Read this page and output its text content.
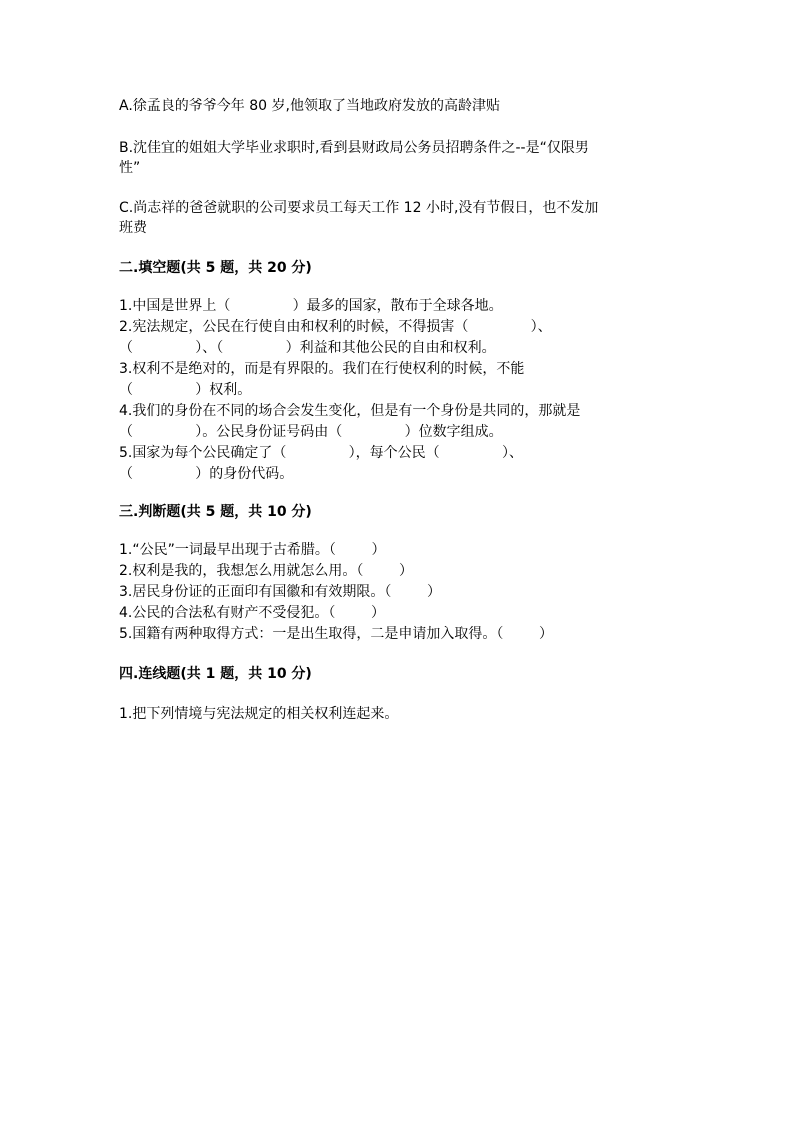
A.徐孟良的爷爷今年 80 岁,他领取了当地政府发放的高龄津贴

B.沈佳宜的姐姐大学毕业求职时,看到县财政局公务员招聘条件之--是“仅限男

性”

C.尚志祥的爸爸就职的公司要求员工每天工作 12 小时,没有节假日，也不发加

班费

二.填空题(共 5 题，共 20 分)

1.中国是世界上（              ）最多的国家，散布于全球各地。

2.宪法规定，公民在行使自由和权利的时候，不得损害（              ）、

（              ）、（              ）利益和其他公民的自由和权利。

3.权利不是绝对的，而是有界限的。我们在行使权利的时候，不能

（              ）权利。

4.我们的身份在不同的场合会发生变化，但是有一个身份是共同的，那就是

（              ）。公民身份证号码由（              ）位数字组成。

5.国家为每个公民确定了（              ），每个公民（              ）、

（              ）的身份代码。

三.判断题(共 5 题，共 10 分)

1.“公民”一词最早出现于古希腊。（        ）

2.权利是我的，我想怎么用就怎么用。（        ）

3.居民身份证的正面印有国徽和有效期限。（        ）

4.公民的合法私有财产不受侵犯。（        ）

5.国籍有两种取得方式：一是出生取得，二是申请加入取得。（        ）

四.连线题(共 1 题，共 10 分)

1.把下列情境与宪法规定的相关权利连起来。
